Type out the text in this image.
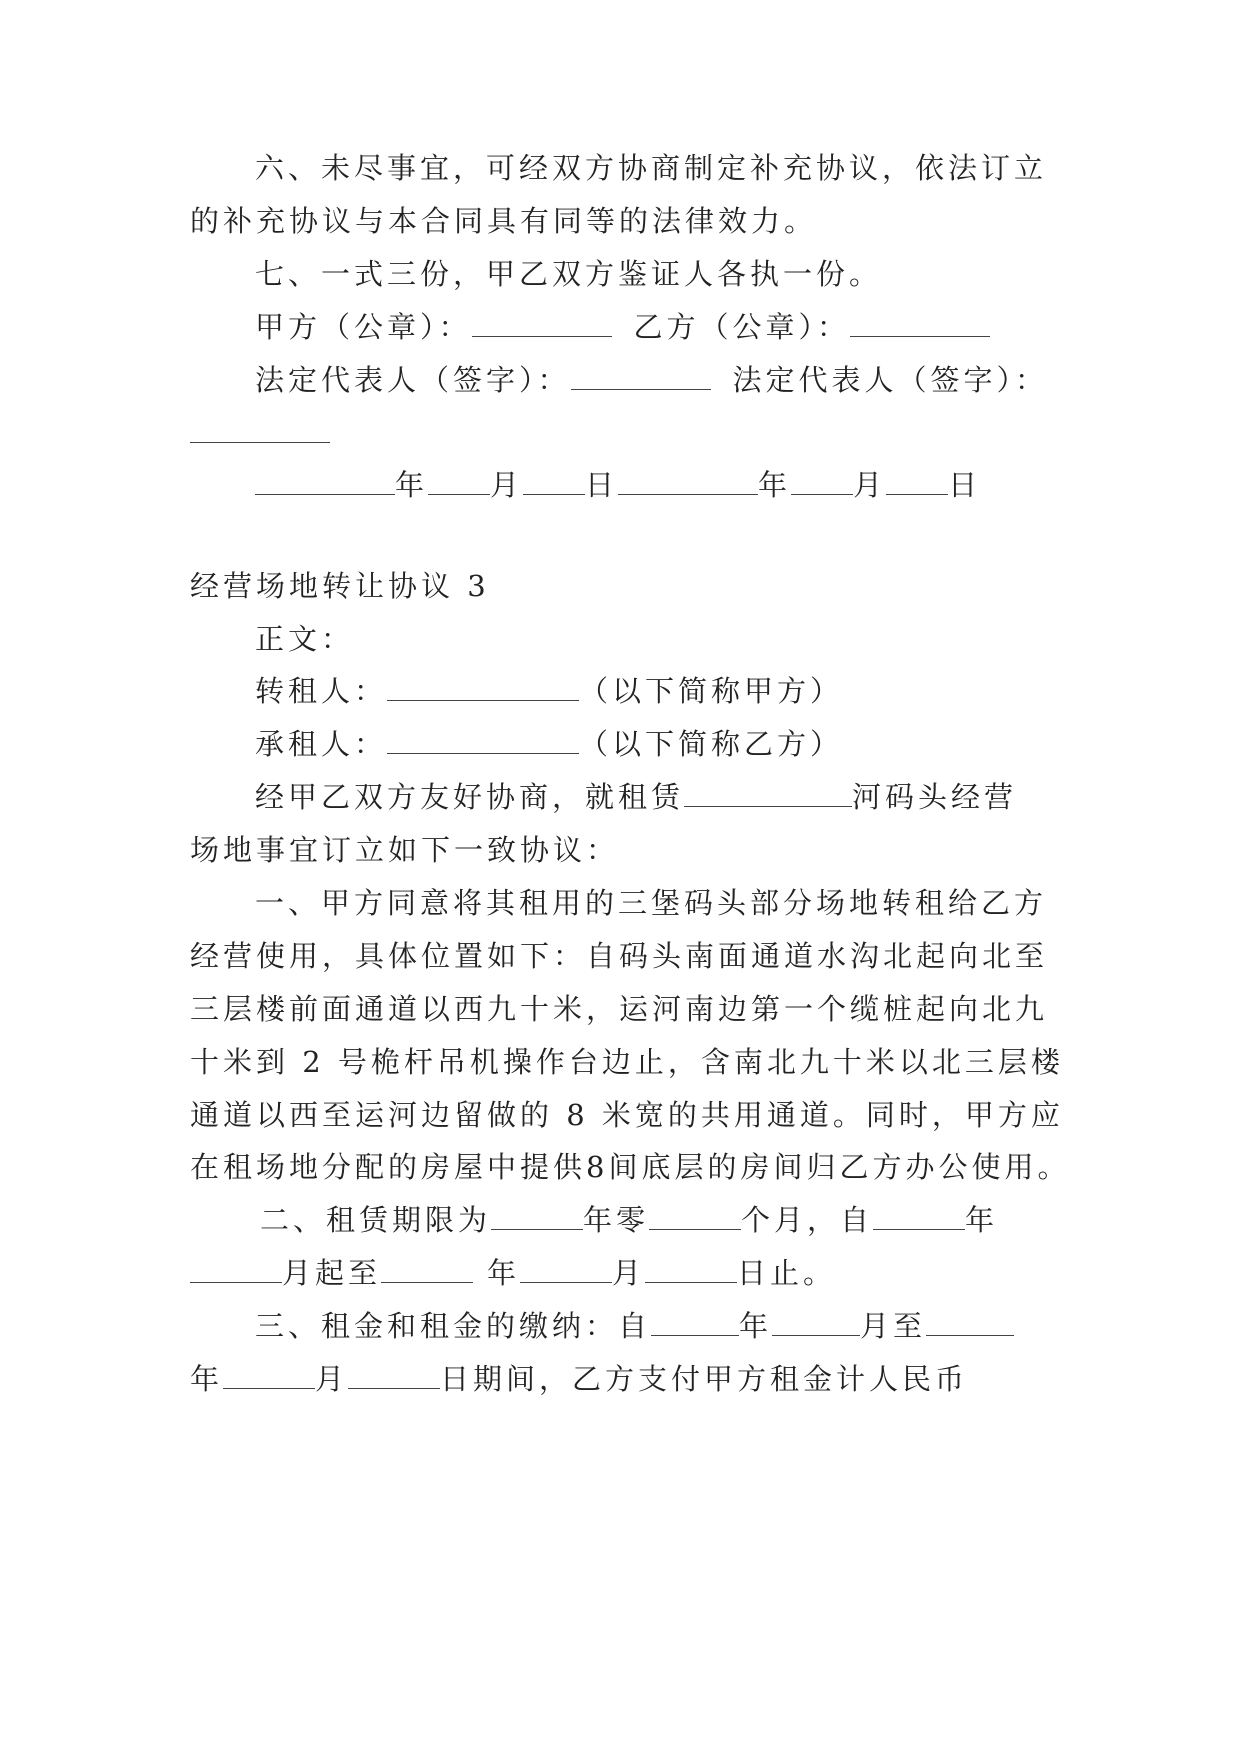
六、未尽事宜，可经双方协商制定补充协议，依法订立
的补充协议与本合同具有同等的法律效力。
七、一式三份，甲乙双方鉴证人各执一份。
甲方（公章）：	乙方（公章）：
法定代表人（签字）：	法定代表人（签字）：
年 月 日	年 月 日
经营场地转让协议 3
正文：
转租人：	（以下简称甲方）
承租人：	（以下简称乙方）
经甲乙双方友好协商，就租赁	河码头经营
场地事宜订立如下一致协议：
一、甲方同意将其租用的三堡码头部分场地转租给乙方
经营使用，具体位置如下：自码头南面通道水沟北起向北至
三层楼前面通道以西九十米，运河南边第一个缆桩起向北九
十米到 2 号桅杆吊机操作台边止，含南北九十米以北三层楼
通道以西至运河边留做的 8 米宽的共用通道。同时，甲方应
在租场地分配的房屋中提供8间底层的房间归乙方办公使用。
二、租赁期限为	年零	个月，自	年
月起至	年	月	日止。
三、租金和租金的缴纳：自	年	月至
年	月	日期间，乙方支付甲方租金计人民币
